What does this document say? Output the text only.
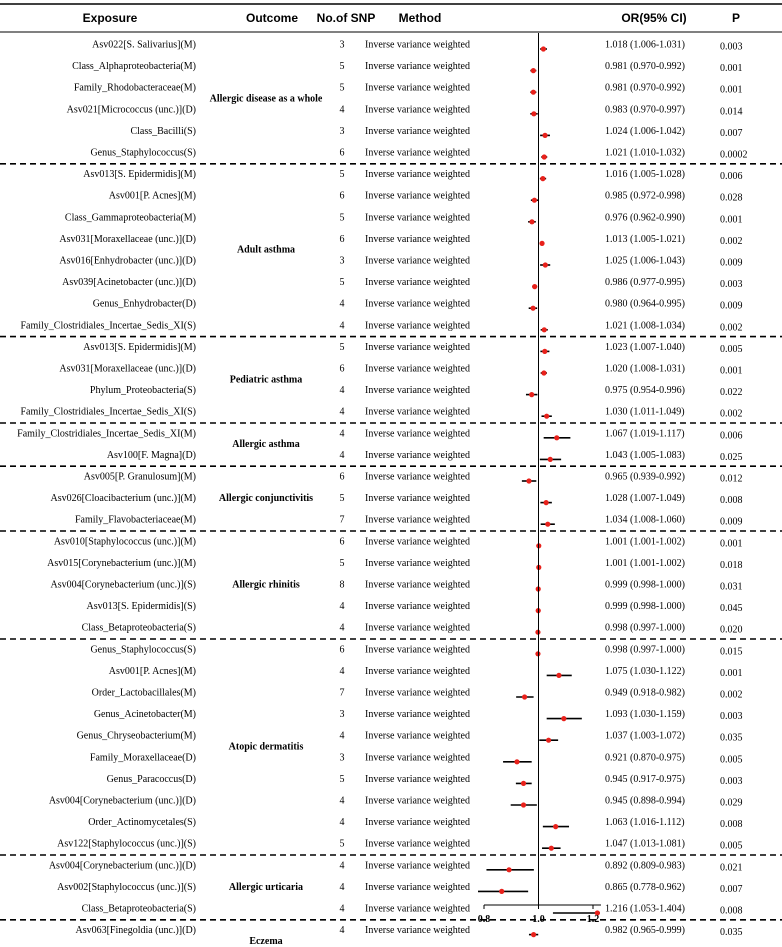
Exposure	Outcome No.of SNP Method	OR(95% CI)	P
Asv022[S. Salivarius](M)	3 Inverse variance weighted	1.018 (1.006-1.031)	0.003
Class_Alphaproteobacteria(M)	5 Inverse variance weighted	0.981 (0.970-0.992)	0.001
Family_Rhodobacteraceae(M)	5 Inverse variance weighted	0.981 (0.970-0.992)	0.001
Asv021[Micrococcus (unc.)](D)	4 Inverse variance weighted	0.983 (0.970-0.997)	0.014
Class_Bacilli(S)	3 Inverse variance weighted	1.024 (1.006-1.042)	0.007
Genus_Staphylococcus(S)	6 Inverse variance weighted	1.021 (1.010-1.032)	0.0002
Allergic disease as a whole
Asv013[S. Epidermidis](M)	5 Inverse variance weighted	1.016 (1.005-1.028)	0.006
Asv001[P. Acnes](M)	6 Inverse variance weighted	0.985 (0.972-0.998)	0.028
Class_Gammaproteobacteria(M)	5 Inverse variance weighted	0.976 (0.962-0.990)	0.001
Asv031[Moraxellaceae (unc.)](D)	6 Inverse variance weighted	1.013 (1.005-1.021)	0.002
Asv016[Enhydrobacter (unc.)](D)	3 Inverse variance weighted	1.025 (1.006-1.043)	0.009
Asv039[Acinetobacter (unc.)](D)	5 Inverse variance weighted	0.986 (0.977-0.995)	0.003
Genus_Enhydrobacter(D)	4 Inverse variance weighted	0.980 (0.964-0.995)	0.009
Family_Clostridiales_Incertae_Sedis_XI(S)	4 Inverse variance weighted	1.021 (1.008-1.034)	0.002
Adult asthma
Asv013[S. Epidermidis](M)	5 Inverse variance weighted	1.023 (1.007-1.040)	0.005
Asv031[Moraxellaceae (unc.)](D)	6 Inverse variance weighted	1.020 (1.008-1.031)	0.001
Phylum_Proteobacteria(S)	4 Inverse variance weighted	0.975 (0.954-0.996)	0.022
Family_Clostridiales_Incertae_Sedis_XI(S)	4 Inverse variance weighted	1.030 (1.011-1.049)	0.002
Pediatric asthma
Family_Clostridiales_Incertae_Sedis_XI(M)	4 Inverse variance weighted	1.067 (1.019-1.117)	0.006
Asv100[F. Magna](D)	4 Inverse variance weighted	1.043 (1.005-1.083)	0.025
Allergic asthma
Asv005[P. Granulosum](M)	6 Inverse variance weighted	0.965 (0.939-0.992)	0.012
Asv026[Cloacibacterium (unc.)](M)	5 Inverse variance weighted	1.028 (1.007-1.049)	0.008
Family_Flavobacteriaceae(M)	7 Inverse variance weighted	1.034 (1.008-1.060)	0.009
Allergic conjunctivitis
Asv010[Staphylococcus (unc.)](M)	6 Inverse variance weighted	1.001 (1.001-1.002)	0.001
Asv015[Corynebacterium (unc.)](M)	5 Inverse variance weighted	1.001 (1.001-1.002)	0.018
Asv004[Corynebacterium (unc.)](S)	8 Inverse variance weighted	0.999 (0.998-1.000)	0.031
Asv013[S. Epidermidis](S)	4 Inverse variance weighted	0.999 (0.998-1.000)	0.045
Class_Betaproteobacteria(S)	4 Inverse variance weighted	0.998 (0.997-1.000)	0.020
Allergic rhinitis
Genus_Staphylococcus(S)	6 Inverse variance weighted	0.998 (0.997-1.000)	0.015
Asv001[P. Acnes](M)	4 Inverse variance weighted	1.075 (1.030-1.122)	0.001
Order_Lactobacillales(M)	7 Inverse variance weighted	0.949 (0.918-0.982)	0.002
Genus_Acinetobacter(M)	3 Inverse variance weighted	1.093 (1.030-1.159)	0.003
Genus_Chryseobacterium(M)	4 Inverse variance weighted	1.037 (1.003-1.072)	0.035
Family_Moraxellaceae(D)	3 Inverse variance weighted	0.921 (0.870-0.975)	0.005
Genus_Paracoccus(D)	5 Inverse variance weighted	0.945 (0.917-0.975)	0.003
Asv004[Corynebacterium (unc.)](D)	4 Inverse variance weighted	0.945 (0.898-0.994)	0.029
Order_Actinomycetales(S)	4 Inverse variance weighted	1.063 (1.016-1.112)	0.008
Asv122[Staphylococcus (unc.)](S)	5 Inverse variance weighted	1.047 (1.013-1.081)	0.005
Atopic dermatitis
Asv004[Corynebacterium (unc.)](D)	4 Inverse variance weighted	0.892 (0.809-0.983)	0.021
Asv002[Staphylococcus (unc.)](S)	4 Inverse variance weighted	0.865 (0.778-0.962)	0.007
Class_Betaproteobacteria(S)	4 Inverse variance weighted	1.216 (1.053-1.404)	0.008
Allergic urticaria
Asv063[Finegoldia (unc.)](D)	4 Inverse variance weighted	0.982 (0.965-0.999)	0.035
Eczema
0.8	1.0	1.2
